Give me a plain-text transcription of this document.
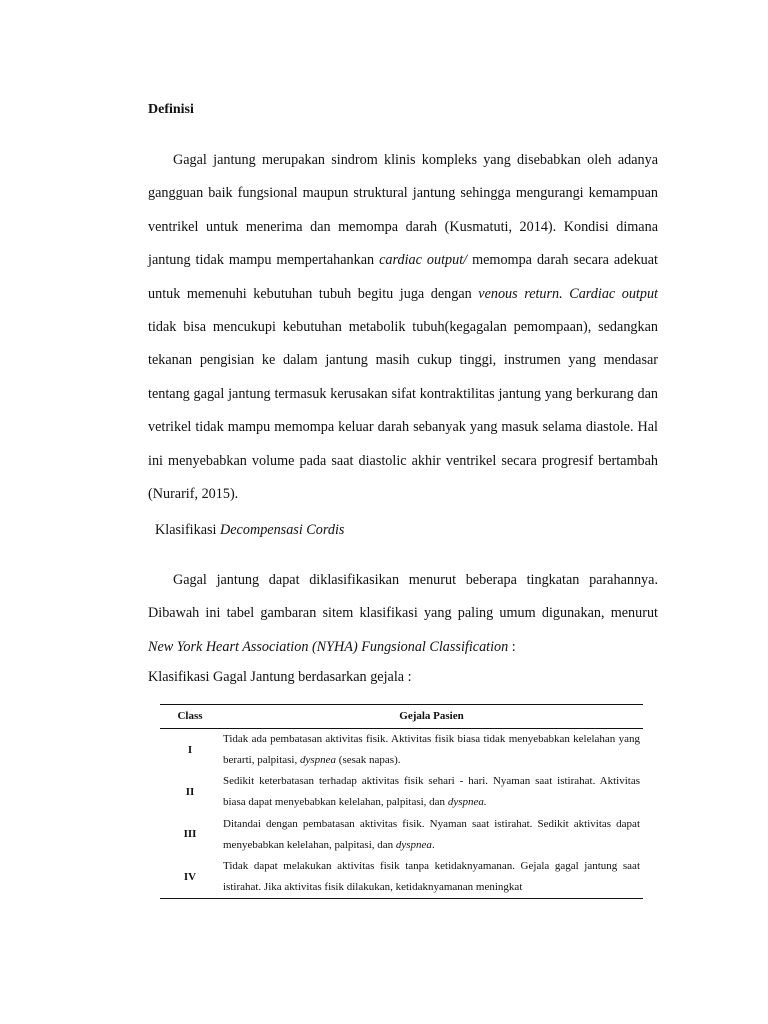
Definisi

Gagal jantung merupakan sindrom klinis kompleks yang disebabkan oleh adanya gangguan baik fungsional maupun struktural jantung sehingga mengurangi kemampuan ventrikel untuk menerima dan memompa darah (Kusmatuti, 2014). Kondisi dimana jantung tidak mampu mempertahankan cardiac output/ memompa darah secara adekuat untuk memenuhi kebutuhan tubuh begitu juga dengan venous return. Cardiac output tidak bisa mencukupi kebutuhan metabolik tubuh(kegagalan pemompaan), sedangkan tekanan pengisian ke dalam jantung masih cukup tinggi, instrumen yang mendasar tentang gagal jantung termasuk kerusakan sifat kontraktilitas jantung yang berkurang dan vetrikel tidak mampu memompa keluar darah sebanyak yang masuk selama diastole. Hal ini menyebabkan volume pada saat diastolic akhir ventrikel secara progresif bertambah (Nurarif, 2015).

Klasifikasi Decompensasi Cordis

Gagal jantung dapat diklasifikasikan menurut beberapa tingkatan parahannya. Dibawah ini tabel gambaran sitem klasifikasi yang paling umum digunakan, menurut New York Heart Association (NYHA) Fungsional Classification :

Klasifikasi Gagal Jantung berdasarkan gejala :
Class	Gejala Pasien
I	Tidak ada pembatasan aktivitas fisik. Aktivitas fisik biasa tidak menyebabkan kelelahan yang berarti, palpitasi, dyspnea (sesak napas).
II	Sedikit keterbatasan terhadap aktivitas fisik sehari - hari. Nyaman saat istirahat. Aktivitas biasa dapat menyebabkan kelelahan, palpitasi, dan dyspnea.
III	Ditandai dengan pembatasan aktivitas fisik. Nyaman saat istirahat. Sedikit aktivitas dapat menyebabkan kelelahan, palpitasi, dan dyspnea.
IV	Tidak dapat melakukan aktivitas fisik tanpa ketidaknyamanan. Gejala gagal jantung saat istirahat. Jika aktivitas fisik dilakukan, ketidaknyamanan meningkat
